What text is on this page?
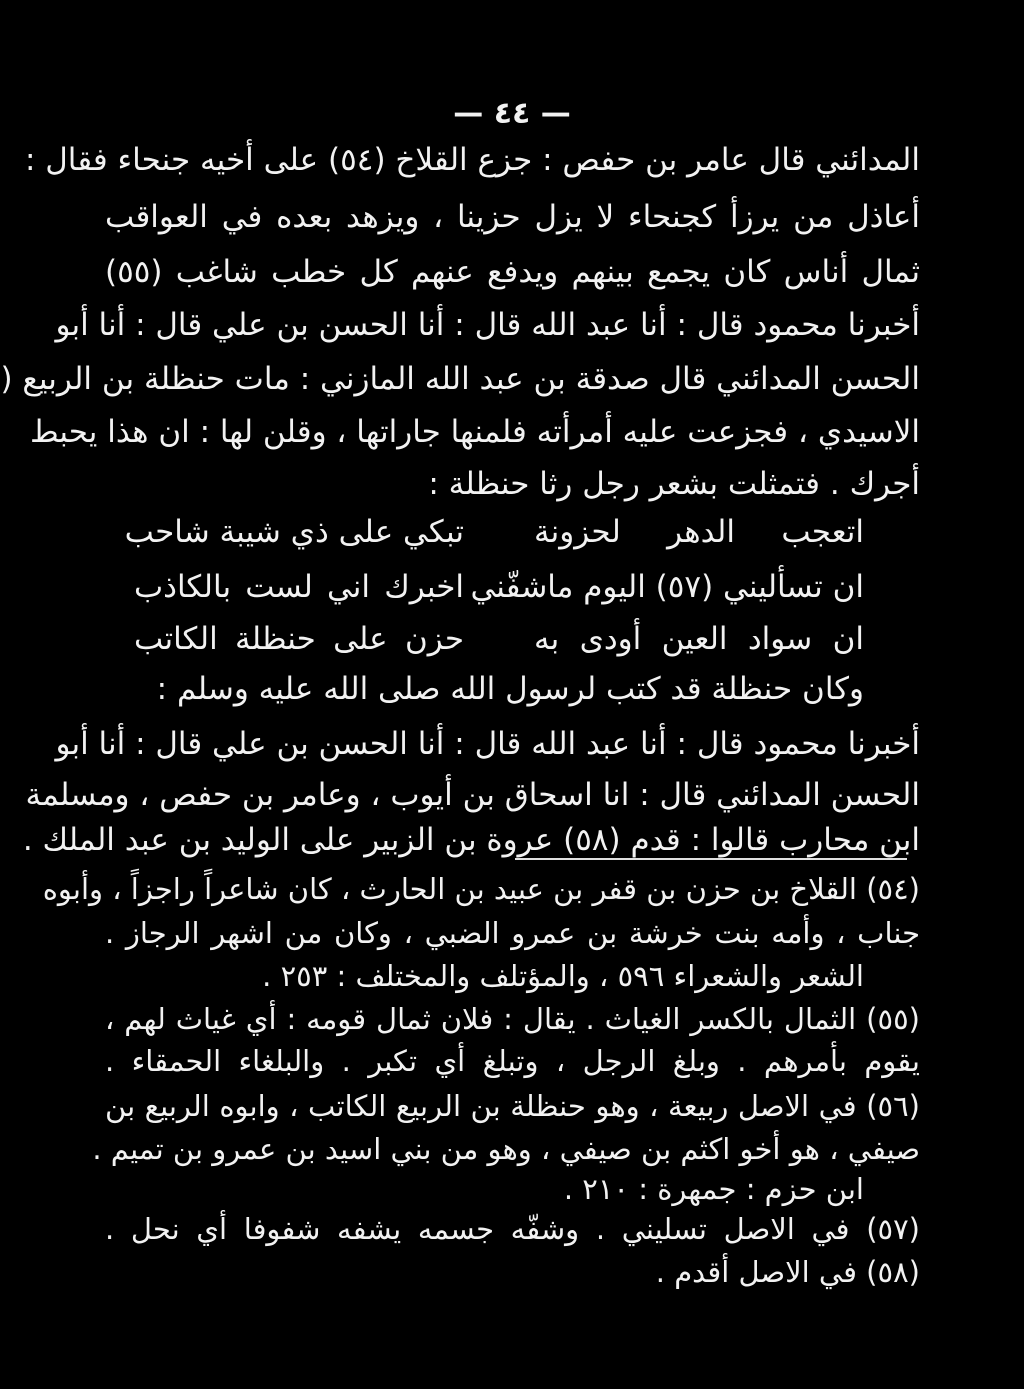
— ٤٤ —
المدائني قال عامر بن حفص : جزع القلاخ (٥٤) على أخيه جنحاء فقال :
أعاذل من يرزأ كجنحاء لا يزل حزينا ، ويزهد بعده في العواقب
ثمال أناس كان يجمع بينهم ويدفع عنهم كل خطب شاغب (٥٥)
أخبرنا محمود قال : أنا عبد الله قال : أنا الحسن بن علي قال : أنا أبو
الحسن المدائني قال صدقة بن عبد الله المازني : مات حنظلة بن الربيع (
الاسيدي ، فجزعت عليه أمرأته فلمنها جاراتها ، وقلن لها : ان هذا يحبط
أجرك . فتمثلت بشعر رجل رثا حنظلة :
اتعجب الدهر لحزونة
تبكي على ذي شيبة شاحب
ان تسأليني (٥٧) اليوم ماشفّني
اخبرك اني لست بالكاذب
ان سواد العين أودى به
حزن على حنظلة الكاتب
وكان حنظلة قد كتب لرسول الله صلى الله عليه وسلم :
أخبرنا محمود قال : أنا عبد الله قال : أنا الحسن بن علي قال : أنا أبو
الحسن المدائني قال : انا اسحاق بن أيوب ، وعامر بن حفص ، ومسلمة
ابن محارب قالوا : قدم (٥٨) عروة بن الزبير على الوليد بن عبد الملك .
(٥٤) القلاخ بن حزن بن قفر بن عبيد بن الحارث ، كان شاعراً راجزاً ، وأبوه
جناب ، وأمه بنت خرشة بن عمرو الضبي ، وكان من اشهر الرجاز .
الشعر والشعراء ٥٩٦ ، والمؤتلف والمختلف : ٢٥٣ .
(٥٥) الثمال بالكسر الغياث . يقال : فلان ثمال قومه : أي غياث لهم ،
يقوم بأمرهم . وبلغ الرجل ، وتبلغ أي تكبر . والبلغاء الحمقاء .
(٥٦) في الاصل ربيعة ، وهو حنظلة بن الربيع الكاتب ، وابوه الربيع بن
صيفي ، هو أخو اكثم بن صيفي ، وهو من بني اسيد بن عمرو بن تميم .
ابن حزم : جمهرة : ٢١٠ .
(٥٧) في الاصل تسليني . وشفّه جسمه يشفه شفوفا أي نحل .
(٥٨) في الاصل أقدم .
